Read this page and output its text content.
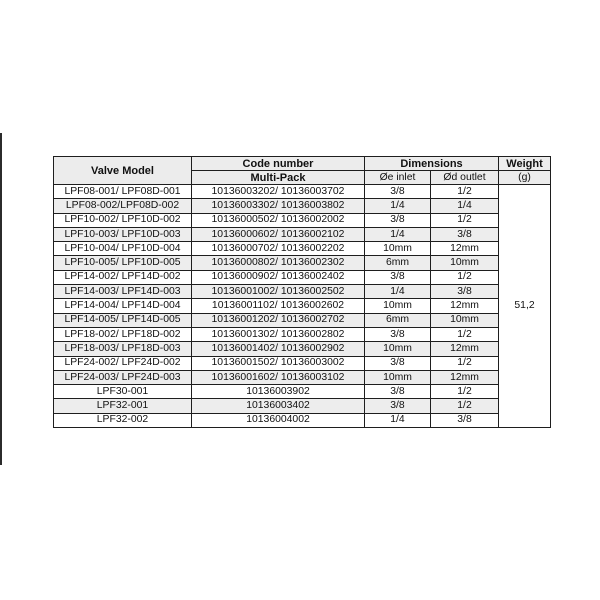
Valve Model	Code number	Dimensions		Weight
	Multi-Pack	Øe inlet	Ød outlet	(g)
LPF08-001/ LPF08D-001	10136003202/ 10136003702	3/8	1/2	51,2
LPF08-002/LPF08D-002	10136003302/ 10136003802	1/4	1/4	
LPF10-002/ LPF10D-002	10136000502/ 10136002002	3/8	1/2	
LPF10-003/ LPF10D-003	10136000602/ 10136002102	1/4	3/8	
LPF10-004/ LPF10D-004	10136000702/ 10136002202	10mm	12mm	
LPF10-005/ LPF10D-005	10136000802/ 10136002302	6mm	10mm	
LPF14-002/ LPF14D-002	10136000902/ 10136002402	3/8	1/2	
LPF14-003/ LPF14D-003	10136001002/ 10136002502	1/4	3/8	
LPF14-004/ LPF14D-004	10136001102/ 10136002602	10mm	12mm	
LPF14-005/ LPF14D-005	10136001202/ 10136002702	6mm	10mm	
LPF18-002/ LPF18D-002	10136001302/ 10136002802	3/8	1/2	
LPF18-003/ LPF18D-003	10136001402/ 10136002902	10mm	12mm	
LPF24-002/ LPF24D-002	10136001502/ 10136003002	3/8	1/2	
LPF24-003/ LPF24D-003	10136001602/ 10136003102	10mm	12mm	
LPF30-001	10136003902	3/8	1/2	
LPF32-001	10136003402	3/8	1/2	
LPF32-002	10136004002	1/4	3/8	
